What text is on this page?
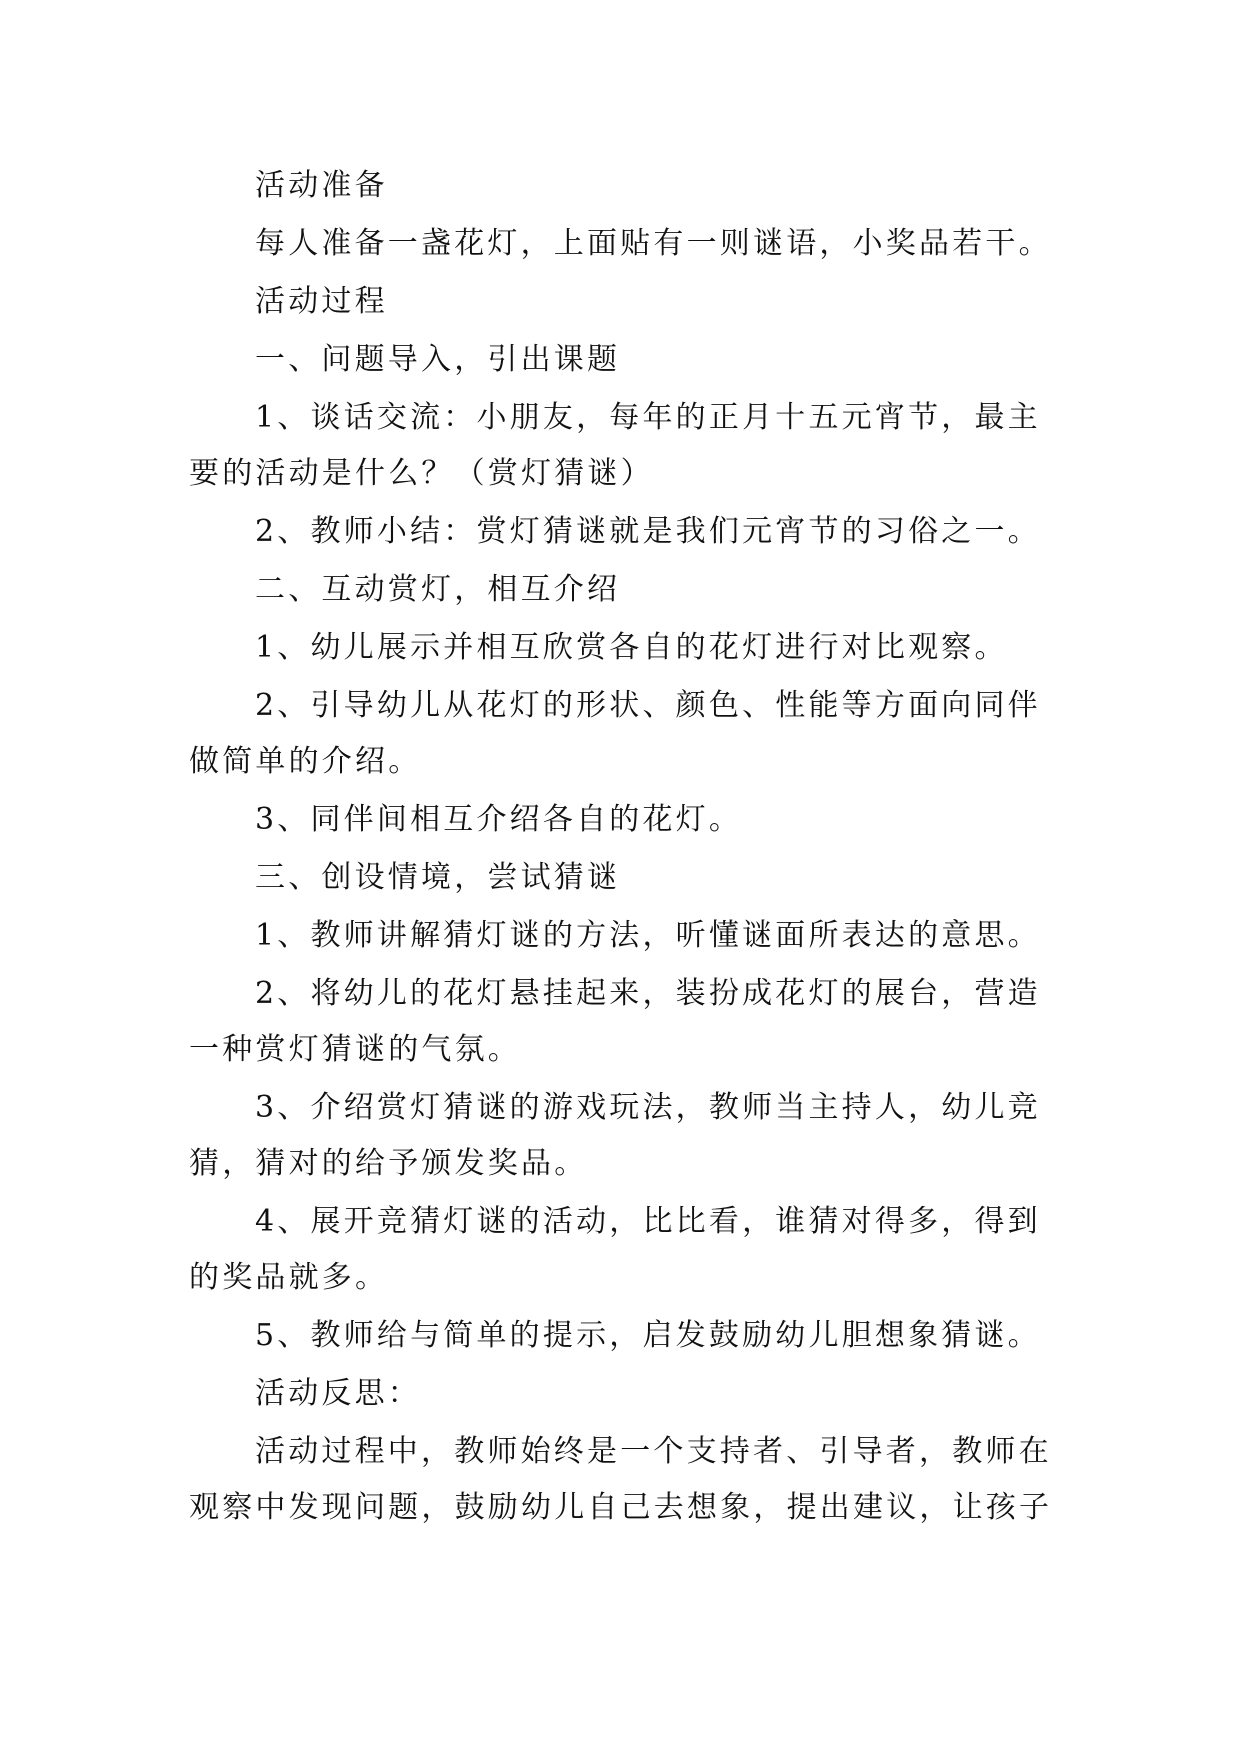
活动准备
每人准备一盏花灯，上面贴有一则谜语，小奖品若干。
活动过程
一、问题导入，引出课题
1、谈话交流：小朋友，每年的正月十五元宵节，最主
要的活动是什么？（赏灯猜谜）
2、教师小结：赏灯猜谜就是我们元宵节的习俗之一。
二、互动赏灯，相互介绍
1、幼儿展示并相互欣赏各自的花灯进行对比观察。
2、引导幼儿从花灯的形状、颜色、性能等方面向同伴
做简单的介绍。
3、同伴间相互介绍各自的花灯。
三、创设情境，尝试猜谜
1、教师讲解猜灯谜的方法，听懂谜面所表达的意思。
2、将幼儿的花灯悬挂起来，装扮成花灯的展台，营造
一种赏灯猜谜的气氛。
3、介绍赏灯猜谜的游戏玩法，教师当主持人，幼儿竞
猜，猜对的给予颁发奖品。
4、展开竞猜灯谜的活动，比比看，谁猜对得多，得到
的奖品就多。
5、教师给与简单的提示，启发鼓励幼儿胆想象猜谜。
活动反思：
活动过程中，教师始终是一个支持者、引导者，教师在
观察中发现问题，鼓励幼儿自己去想象，提出建议，让孩子
